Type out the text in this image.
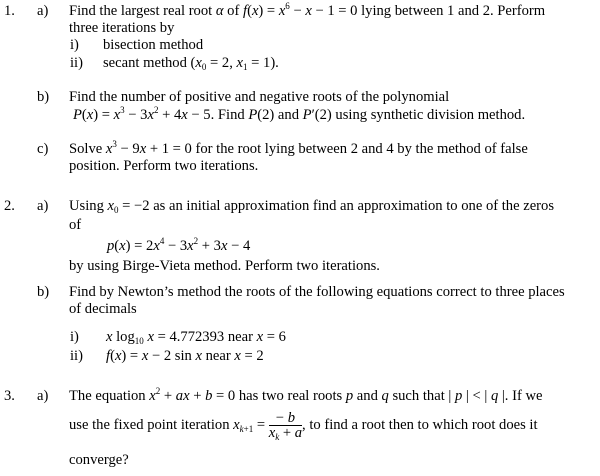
1. a) Find the largest real root α of $f(x) = x^6 - x - 1 = 0$ lying between 1 and 2. Perform
three iterations by
i) bisection method
ii) secant method ($x_0 = 2$, $x_1 = 1$).
b) Find the number of positive and negative roots of the polynomial
$P(x) = x^3 - 3x^2 + 4x - 5$. Find P(2) and P′(2) using synthetic division method.
c) Solve $x^3 - 9x + 1 = 0$ for the root lying between 2 and 4 by the method of false
position. Perform two iterations.
2. a) Using $x_0 = -2$ as an initial approximation find an approximation to one of the zeros
of
$p(x) = 2x^4 - 3x^2 + 3x - 4$
by using Birge-Vieta method. Perform two iterations.
b) Find by Newton’s method the roots of the following equations correct to three places
of decimals
i) x $\log_{10} x = 4.772393$ near x = 6
ii) f(x) = x − 2 sin x near x = 2
3. a) The equation $x^2$ + ax + b = 0 has two real roots p and q such that | p | < | q |. If we
use the fixed point iteration $x_{k+1} = \frac{- b}{x_k + a}$ , to find a root then to which root does it
converge?
